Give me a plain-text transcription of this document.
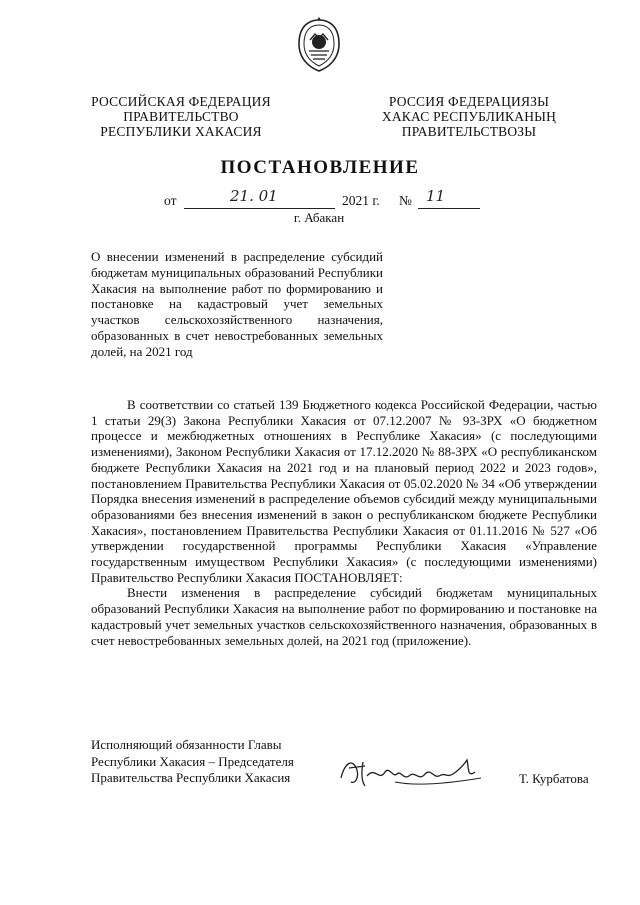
РОССИЙСКАЯ ФЕДЕРАЦИЯ
ПРАВИТЕЛЬСТВО
РЕСПУБЛИКИ ХАКАСИЯ
РОССИЯ ФЕДЕРАЦИЯЗЫ
ХАКАС РЕСПУБЛИКАНЫҢ
ПРАВИТЕЛЬСТВОЗЫ
ПОСТАНОВЛЕНИЕ
от	21. 01	2021 г. № 11
г. Абакан
О внесении изменений в распределение субсидий бюджетам муниципальных образований Республики Хакасия на выполнение работ по формированию и постановке на кадастровый учет земельных участков сельскохозяйственного назначения, образованных в счет невостребованных земельных долей, на 2021 год

В соответствии со статьей 139 Бюджетного кодекса Российской Федерации, частью 1 статьи 29(3) Закона Республики Хакасия от 07.12.2007 № 93-ЗРХ «О бюджетном процессе и межбюджетных отношениях в Республике Хакасия» (с последующими изменениями), Законом Республики Хакасия от 17.12.2020 № 88-ЗРХ «О республиканском бюджете Республики Хакасия на 2021 год и на плановый период 2022 и 2023 годов», постановлением Правительства Республики Хакасия от 05.02.2020 № 34 «Об утверждении Порядка внесения изменений в распределение объемов субсидий между муниципальными образованиями без внесения изменений в закон о республиканском бюджете Республики Хакасия», постановлением Правительства Республики Хакасия от 01.11.2016 № 527 «Об утверждении государственной программы Республики Хакасия «Управление государственным имуществом Республики Хакасия» (с последующими изменениями) Правительство Республики Хакасия ПОСТАНОВЛЯЕТ:

Внести изменения в распределение субсидий бюджетам муниципальных образований Республики Хакасия на выполнение работ по формированию и постановке на кадастровый учет земельных участков сельскохозяйственного назначения, образованных в счет невостребованных земельных долей, на 2021 год (приложение).

Исполняющий обязанности Главы
Республики Хакасия – Председателя
Правительства Республики Хакасия	Т. Курбатова
